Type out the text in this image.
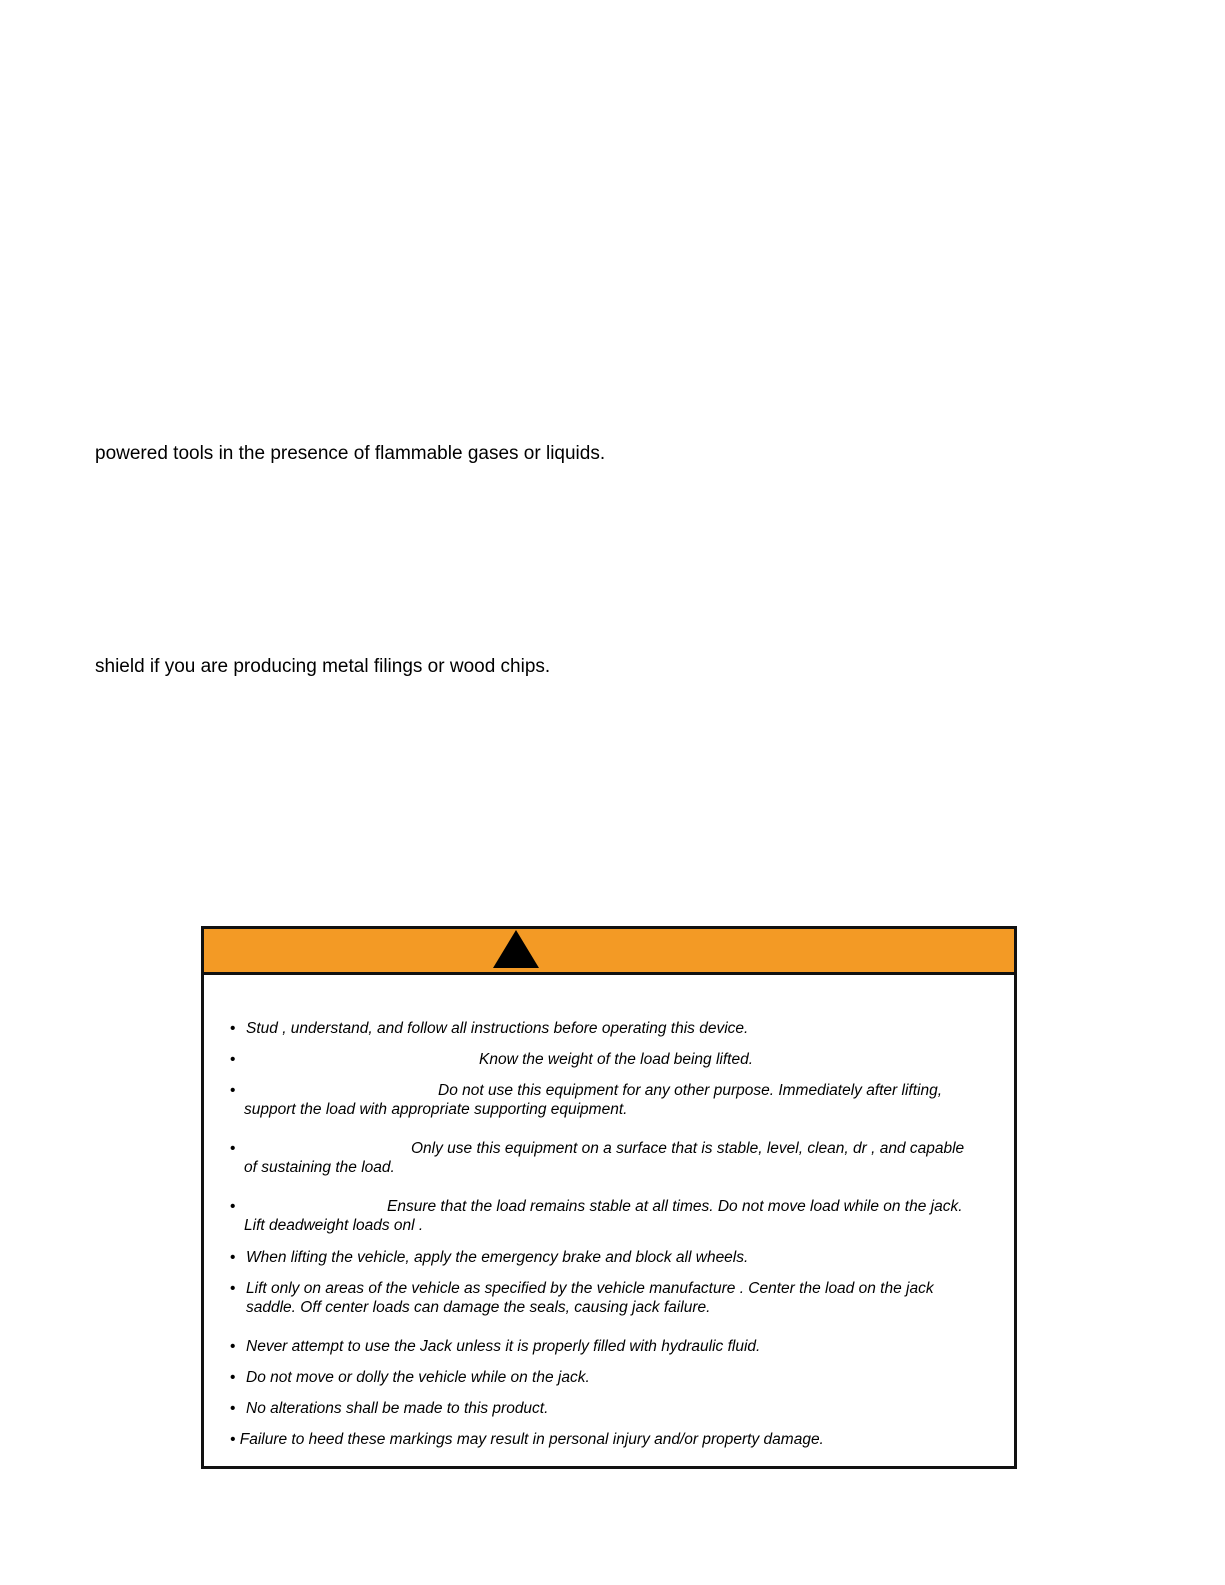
powered tools in the presence of flammable gases or liquids.
shield if you are producing metal filings or wood chips.
• Stud , understand, and follow all instructions before operating this device.
•	Know the weight of the load being lifted.
•	Do not use this equipment for any other purpose. Immediately after lifting,
support the load with appropriate supporting equipment.
•	Only use this equipment on a surface that is stable, level, clean, dr , and capable
of sustaining the load.
•	Ensure that the load remains stable at all times. Do not move load while on the jack.
Lift deadweight loads onl .
• When lifting the vehicle, apply the emergency brake and block all wheels.
• Lift only on areas of the vehicle as specified by the vehicle manufacture . Center the load on the jack
saddle. Off center loads can damage the seals, causing jack failure.
• Never attempt to use the Jack unless it is properly filled with hydraulic fluid.
• Do not move or dolly the vehicle while on the jack.
• No alterations shall be made to this product.
• Failure to heed these markings may result in personal injury and/or property damage.
